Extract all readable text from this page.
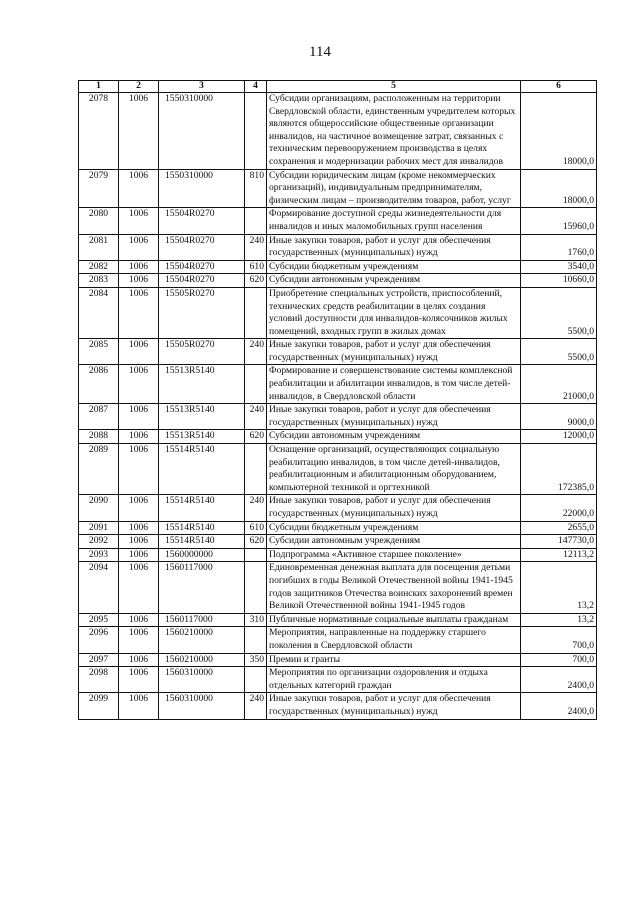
114
1	2	3	4	5	6
2078	1006	1550310000		Субсидии организациям, расположенным на территории Свердловской области, единственным учредителем которых являются общероссийские общественные организации инвалидов, на частичное возмещение затрат, связанных с техническим перевооружением производства в целях сохранения и модернизации рабочих мест для инвалидов	18000,0
2079	1006	1550310000	810	Субсидии юридическим лицам (кроме некоммерческих организаций), индивидуальным предпринимателям, физическим лицам – производителям товаров, работ, услуг	18000,0
2080	1006	15504R0270		Формирование доступной среды жизнедеятельности для инвалидов и иных маломобильных групп населения	15960,0
2081	1006	15504R0270	240	Иные закупки товаров, работ и услуг для обеспечения государственных (муниципальных) нужд	1760,0
2082	1006	15504R0270	610	Субсидии бюджетным учреждениям	3540,0
2083	1006	15504R0270	620	Субсидии автономным учреждениям	10660,0
2084	1006	15505R0270		Приобретение специальных устройств, приспособлений, технических средств реабилитации в целях создания условий доступности для инвалидов-колясочников жилых помещений, входных групп в жилых домах	5500,0
2085	1006	15505R0270	240	Иные закупки товаров, работ и услуг для обеспечения государственных (муниципальных) нужд	5500,0
2086	1006	15513R5140		Формирование и совершенствование системы комплексной реабилитации и абилитации инвалидов, в том числе детей-инвалидов, в Свердловской области	21000,0
2087	1006	15513R5140	240	Иные закупки товаров, работ и услуг для обеспечения государственных (муниципальных) нужд	9000,0
2088	1006	15513R5140	620	Субсидии автономным учреждениям	12000,0
2089	1006	15514R5140		Оснащение организаций, осуществляющих социальную реабилитацию инвалидов, в том числе детей-инвалидов, реабилитационным и абилитационным оборудованием, компьютерной техникой и оргтехникой	172385,0
2090	1006	15514R5140	240	Иные закупки товаров, работ и услуг для обеспечения государственных (муниципальных) нужд	22000,0
2091	1006	15514R5140	610	Субсидии бюджетным учреждениям	2655,0
2092	1006	15514R5140	620	Субсидии автономным учреждениям	147730,0
2093	1006	1560000000		Подпрограмма «Активное старшее поколение»	12113,2
2094	1006	1560117000		Единовременная денежная выплата для посещения детьми погибших в годы Великой Отечественной войны 1941-1945 годов защитников Отечества воинских захоронений времен Великой Отечественной войны 1941-1945 годов	13,2
2095	1006	1560117000	310	Публичные нормативные социальные выплаты гражданам	13,2
2096	1006	1560210000		Мероприятия, направленные на поддержку старшего поколения в Свердловской области	700,0
2097	1006	1560210000	350	Премии и гранты	700,0
2098	1006	1560310000		Мероприятия по организации оздоровления и отдыха отдельных категорий граждан	2400,0
2099	1006	1560310000	240	Иные закупки товаров, работ и услуг для обеспечения государственных (муниципальных) нужд	2400,0
